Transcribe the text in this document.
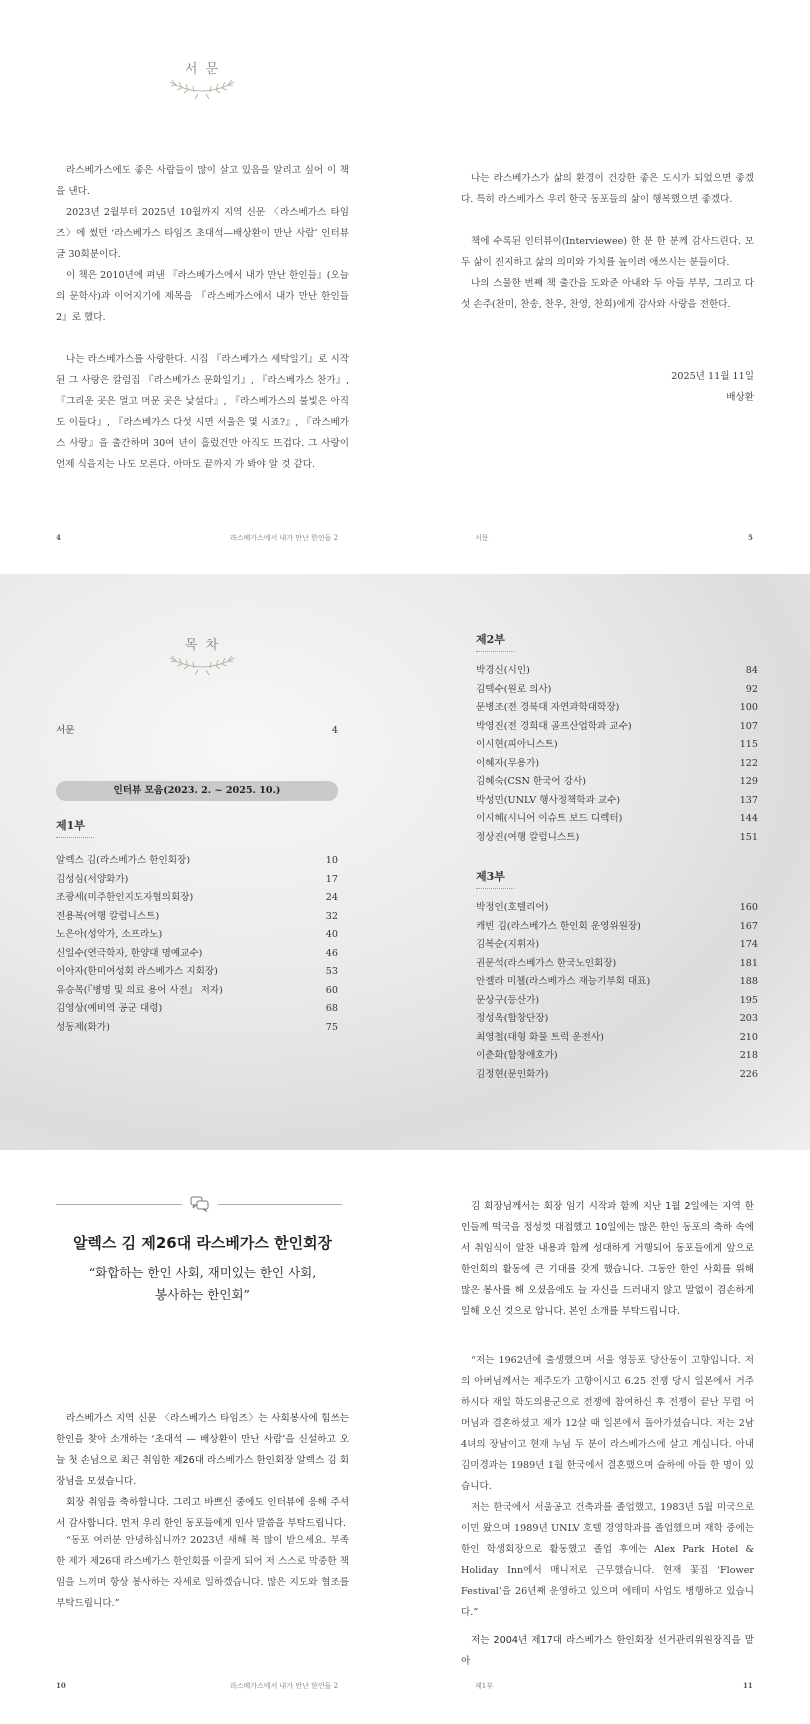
서 문

라스베가스에도 좋은 사람들이 많이 살고 있음을 알리고 싶어 이 책을 낸다.

2023년 2월부터 2025년 10월까지 지역 신문 〈라스베가스 타임즈〉에 썼던 ‘라스베가스 타임즈 초대석—배상환이 만난 사람’ 인터뷰 글 30회분이다.

이 책은 2010년에 펴낸 『라스베가스에서 내가 만난 한인들』(오늘의 문학사)과 이어지기에 제목을 『라스베가스에서 내가 만난 한인들 2』로 했다.

나는 라스베가스를 사랑한다. 시집 『라스베가스 세탁일기』로 시작된 그 사랑은 칼럼집 『라스베가스 문화일기』, 『라스베가스 찬가』, 『그리운 곳은 멀고 머문 곳은 낯설다』, 『라스베가스의 불빛은 아직도 이들다』, 『라스베가스 다섯 시면 서울은 몇 시죠?』, 『라스베가스 사랑』을 출간하며 30여 년이 흘렀건만 아직도 뜨겁다. 그 사랑이 언제 식을지는 나도 모른다. 아마도 끝까지 가 봐야 알 것 같다.

4	라스베가스에서 내가 만난 한인들 2

나는 라스베가스가 삶의 환경이 건강한 좋은 도시가 되었으면 좋겠다. 특히 라스베가스 우리 한국 동포들의 삶이 행복했으면 좋겠다.

책에 수록된 인터뷰이(Interviewee) 한 분 한 분께 감사드린다. 모두 삶이 진지하고 삶의 의미와 가치를 높이려 애쓰시는 분들이다.

나의 스물한 번째 책 출간을 도와준 아내와 두 아들 부부, 그리고 다섯 손주(찬미, 찬송, 찬우, 찬영, 찬희)에게 감사와 사랑을 전한다.

2025년 11월 11일
배상환
서문	5
목 차
서문	4
인터뷰 모음(2023. 2. ~ 2025. 10.)
제1부
알렉스 김(라스베가스 한인회장)	10
김성심(서양화가)	17
조광세(미주한인지도자협의회장)	24
전용복(여행 칼럼니스트)	32
노은아(성악가, 소프라노)	40
신일수(연극학자, 한양대 명예교수)	46
이아자(한미여성회 라스베가스 지회장)	53
유승목(『병명 및 의료 용어 사전』 저자)	60
김영상(예비역 공군 대령)	68
성동제(화가)	75
제2부
박경신(시인)	84
김택수(원로 의사)	92
문병조(전 경북대 자연과학대학장)	100
박영진(전 경희대 골프산업학과 교수)	107
이시현(피아니스트)	115
이혜자(무용가)	122
김혜숙(CSN 한국어 강사)	129
박성민(UNLV 행사정책학과 교수)	137
이시혜(시니어 이슈트 보드 디렉터)	144
정상진(여행 칼럼니스트)	151
제3부
박정인(호텔리어)	160
캐빈 김(라스베가스 한인회 운영위원장)	167
김복순(지휘자)	174
권문석(라스베가스 한국노인회장)	181
안젤라 미첼(라스베가스 재능기부회 대표)	188
문상구(등산가)	195
정성옥(합창단장)	203
최영철(대형 화물 트럭 운전사)	210
이춘화(합창애호가)	218
김정현(문인화가)	226
알렉스 김 제26대 라스베가스 한인회장
“화합하는 한인 사회, 재미있는 한인 사회,
봉사하는 한인회”

라스베가스 지역 신문 〈라스베가스 타임즈〉는 사회봉사에 힘쓰는 한인을 찾아 소개하는 ‘초대석 — 배상환이 만난 사람’을 신설하고 오늘 첫 손님으로 최근 취임한 제26대 라스베가스 한인회장 알렉스 김 회장님을 모셨습니다.

회장 취임을 축하합니다. 그리고 바쁘신 중에도 인터뷰에 응해 주셔서 감사합니다. 먼저 우리 한인 동포들에게 인사 말씀을 부탁드립니다.

“동포 여러분 안녕하십니까? 2023년 새해 복 많이 받으세요. 부족한 제가 제26대 라스베가스 한인회를 이끌게 되어 저 스스로 막중한 책임을 느끼며 항상 봉사하는 자세로 일하겠습니다. 많은 지도와 협조를 부탁드립니다.”

10	라스베가스에서 내가 만난 한인들 2

김 회장님께서는 회장 임기 시작과 함께 지난 1월 2일에는 지역 한인들께 떡국을 정성껏 대접했고 10일에는 많은 한인 동포의 축하 속에서 취임식이 알찬 내용과 함께 성대하게 거행되어 동포들에게 앞으로 한인회의 활동에 큰 기대를 갖게 했습니다. 그동안 한인 사회를 위해 많은 봉사를 해 오셨음에도 늘 자신을 드러내지 않고 말없이 겸손하게 일해 오신 것으로 압니다. 본인 소개를 부탁드립니다.

“저는 1962년에 출생했으며 서울 영등포 당산동이 고향입니다. 저의 아버님께서는 제주도가 고향이시고 6.25 전쟁 당시 일본에서 거주하시다 재일 학도의용군으로 전쟁에 참여하신 후 전쟁이 끝난 무렵 어머님과 결혼하셨고 제가 12살 때 일본에서 돌아가셨습니다. 저는 2남 4녀의 장남이고 현재 누님 두 분이 라스베가스에 살고 계십니다. 아내 김미경과는 1989년 1월 한국에서 결혼했으며 슬하에 아들 한 명이 있습니다.

저는 한국에서 서울공고 건축과를 졸업했고, 1983년 5월 미국으로 이민 왔으며 1989년 UNLV 호텔 경영학과를 졸업했으며 재학 중에는 한인 학생회장으로 활동했고 졸업 후에는 Alex Park Hotel & Holiday Inn에서 매니저로 근무했습니다. 현재 꽃집 ‘Flower Festival’을 26년째 운영하고 있으며 에테미 사업도 병행하고 있습니다.”

저는 2004년 제17대 라스베가스 한인회장 선거관리위원장직을 맡아

제1부	11
